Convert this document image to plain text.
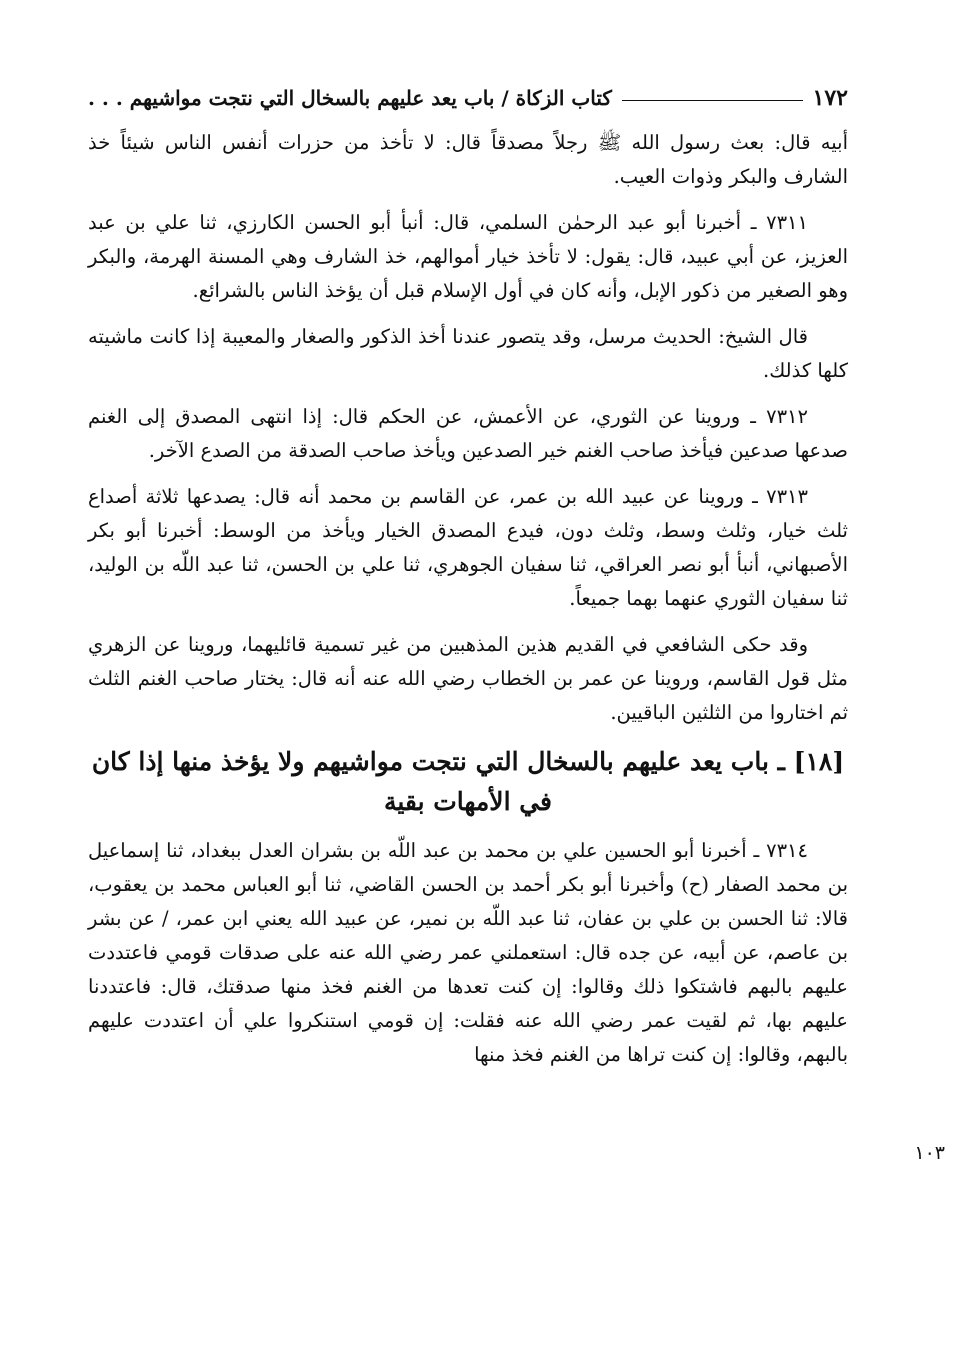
١٧٢
كتاب الزكاة / باب يعد عليهم بالسخال التي نتجت مواشيهم . . .

أبيه قال: بعث رسول الله ﷺ رجلاً مصدقاً قال: لا تأخذ من حزرات أنفس الناس شيئاً خذ الشارف والبكر وذوات العيب.

٧٣١١ ـ أخبرنا أبو عبد الرحمٰن السلمي، قال: أنبأ أبو الحسن الكارزي، ثنا علي بن عبد العزيز، عن أبي عبيد، قال: يقول: لا تأخذ خيار أموالهم، خذ الشارف وهي المسنة الهرمة، والبكر وهو الصغير من ذكور الإبل، وأنه كان في أول الإسلام قبل أن يؤخذ الناس بالشرائع.

قال الشيخ: الحديث مرسل، وقد يتصور عندنا أخذ الذكور والصغار والمعيبة إذا كانت ماشيته كلها كذلك.

٧٣١٢ ـ وروينا عن الثوري، عن الأعمش، عن الحكم قال: إذا انتهى المصدق إلى الغنم صدعها صدعين فيأخذ صاحب الغنم خير الصدعين ويأخذ صاحب الصدقة من الصدع الآخر.

٧٣١٣ ـ وروينا عن عبيد الله بن عمر، عن القاسم بن محمد أنه قال: يصدعها ثلاثة أصداع ثلث خيار، وثلث وسط، وثلث دون، فيدع المصدق الخيار ويأخذ من الوسط: أخبرنا أبو بكر الأصبهاني، أنبأ أبو نصر العراقي، ثنا سفيان الجوهري، ثنا علي بن الحسن، ثنا عبد اللّه بن الوليد، ثنا سفيان الثوري عنهما بهما جميعاً.

وقد حكى الشافعي في القديم هذين المذهبين من غير تسمية قائليهما، وروينا عن الزهري مثل قول القاسم، وروينا عن عمر بن الخطاب رضي الله عنه أنه قال: يختار صاحب الغنم الثلث ثم اختاروا من الثلثين الباقيين.

[١٨] ـ باب يعد عليهم بالسخال التي نتجت مواشيهم ولا يؤخذ منها إذا كان في الأمهات بقية

٧٣١٤ ـ أخبرنا أبو الحسين علي بن محمد بن عبد اللّه بن بشران العدل ببغداد، ثنا إسماعيل بن محمد الصفار (ح) وأخبرنا أبو بكر أحمد بن الحسن القاضي، ثنا أبو العباس محمد بن يعقوب، قالا: ثنا الحسن بن علي بن عفان، ثنا عبد اللّه بن نمير، عن عبيد الله يعني ابن عمر، / عن بشر بن عاصم، عن أبيه، عن جده قال: استعملني عمر رضي الله عنه على صدقات قومي فاعتددت عليهم بالبهم فاشتكوا ذلك وقالوا: إن كنت تعدها من الغنم فخذ منها صدقتك، قال: فاعتددنا عليهم بها، ثم لقيت عمر رضي الله عنه فقلت: إن قومي استنكروا علي أن اعتددت عليهم بالبهم، وقالوا: إن كنت تراها من الغنم فخذ منها

١٠٣
